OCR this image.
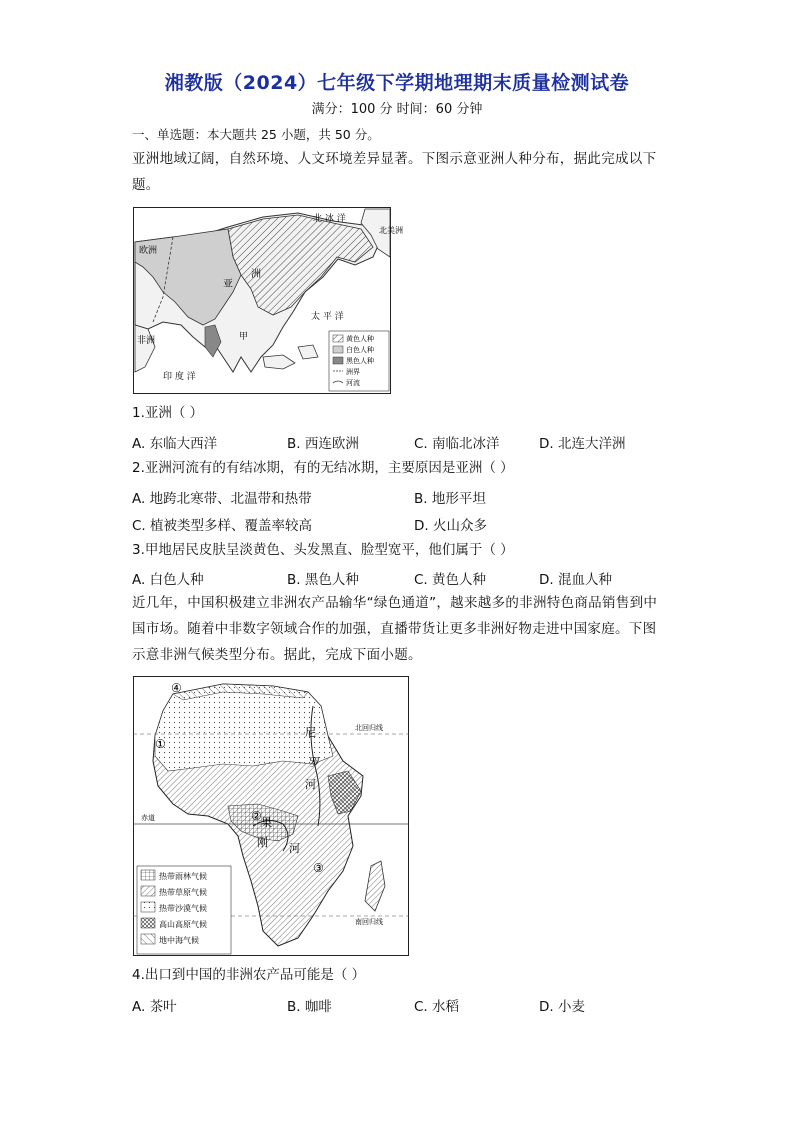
湘教版（2024）七年级下学期地理期末质量检测试卷
满分：100 分 时间：60 分钟
一、单选题：本大题共 25 小题，共 50 分。
亚洲地域辽阔，自然环境、人文环境差异显著。下图示意亚洲人种分布，据此完成以下题。
北 冰 洋
北美洲
欧洲
亚
洲
太 平 洋
非洲	甲
印 度 洋
黄色人种
白色人种
黑色人种
洲界
河流
1.亚洲（ ）
A. 东临大西洋	B. 西连欧洲	C. 南临北冰洋	D. 北连大洋洲
2.亚洲河流有的有结冰期，有的无结冰期，主要原因是亚洲（ ）
A. 地跨北寒带、北温带和热带	B. 地形平坦
C. 植被类型多样、覆盖率较高	D. 火山众多
3.甲地居民皮肤呈淡黄色、头发黑直、脸型宽平，他们属于（ ）
A. 白色人种	B. 黑色人种	C. 黄色人种	D. 混血人种
近几年，中国积极建立非洲农产品输华“绿色通道”，越来越多的非洲特色商品销售到中国市场。随着中非数字领域合作的加强，直播带货让更多非洲好物走进中国家庭。下图示意非洲气候类型分布。据此，完成下面小题。
④
①
②
③
尼
罗
河
刚
果
河
北回归线
赤道
南回归线
热带雨林气候
热带草原气候
热带沙漠气候
高山高原气候
地中海气候
4.出口到中国的非洲农产品可能是（ ）
A. 茶叶	B. 咖啡	C. 水稻	D. 小麦
